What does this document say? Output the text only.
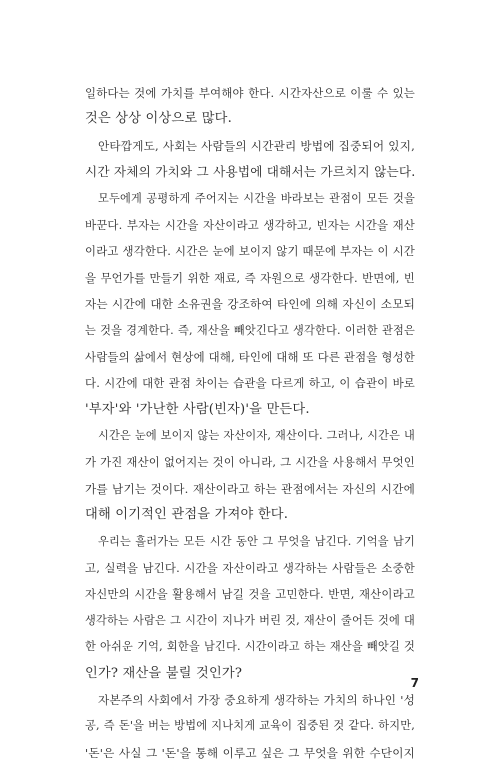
일하다는 것에 가치를 부여해야 한다. 시간자산으로 이룰 수 있는
것은 상상 이상으로 많다.
안타깝게도, 사회는 사람들의 시간관리 방법에 집중되어 있지,
시간 자체의 가치와 그 사용법에 대해서는 가르치지 않는다.
모두에게 공평하게 주어지는 시간을 바라보는 관점이 모든 것을
바꾼다. 부자는 시간을 자산이라고 생각하고, 빈자는 시간을 재산
이라고 생각한다. 시간은 눈에 보이지 않기 때문에 부자는 이 시간
을 무언가를 만들기 위한 재료, 즉 자원으로 생각한다. 반면에, 빈
자는 시간에 대한 소유권을 강조하여 타인에 의해 자신이 소모되
는 것을 경계한다. 즉, 재산을 빼앗긴다고 생각한다. 이러한 관점은
사람들의 삶에서 현상에 대해, 타인에 대해 또 다른 관점을 형성한
다. 시간에 대한 관점 차이는 습관을 다르게 하고, 이 습관이 바로
'부자'와 '가난한 사람(빈자)'을 만든다.
시간은 눈에 보이지 않는 자산이자, 재산이다. 그러나, 시간은 내
가 가진 재산이 없어지는 것이 아니라, 그 시간을 사용해서 무엇인
가를 남기는 것이다. 재산이라고 하는 관점에서는 자신의 시간에
대해 이기적인 관점을 가져야 한다.
우리는 흘러가는 모든 시간 동안 그 무엇을 남긴다. 기억을 남기
고, 실력을 남긴다. 시간을 자산이라고 생각하는 사람들은 소중한
자신만의 시간을 활용해서 남길 것을 고민한다. 반면, 재산이라고
생각하는 사람은 그 시간이 지나가 버린 것, 재산이 줄어든 것에 대
한 아쉬운 기억, 회한을 남긴다. 시간이라고 하는 재산을 빼앗길 것
인가? 재산을 불릴 것인가?
자본주의 사회에서 가장 중요하게 생각하는 가치의 하나인 '성
공, 즉 돈'을 버는 방법에 지나치게 교육이 집중된 것 같다. 하지만,
'돈'은 사실 그 '돈'을 통해 이루고 싶은 그 무엇을 위한 수단이지
7
